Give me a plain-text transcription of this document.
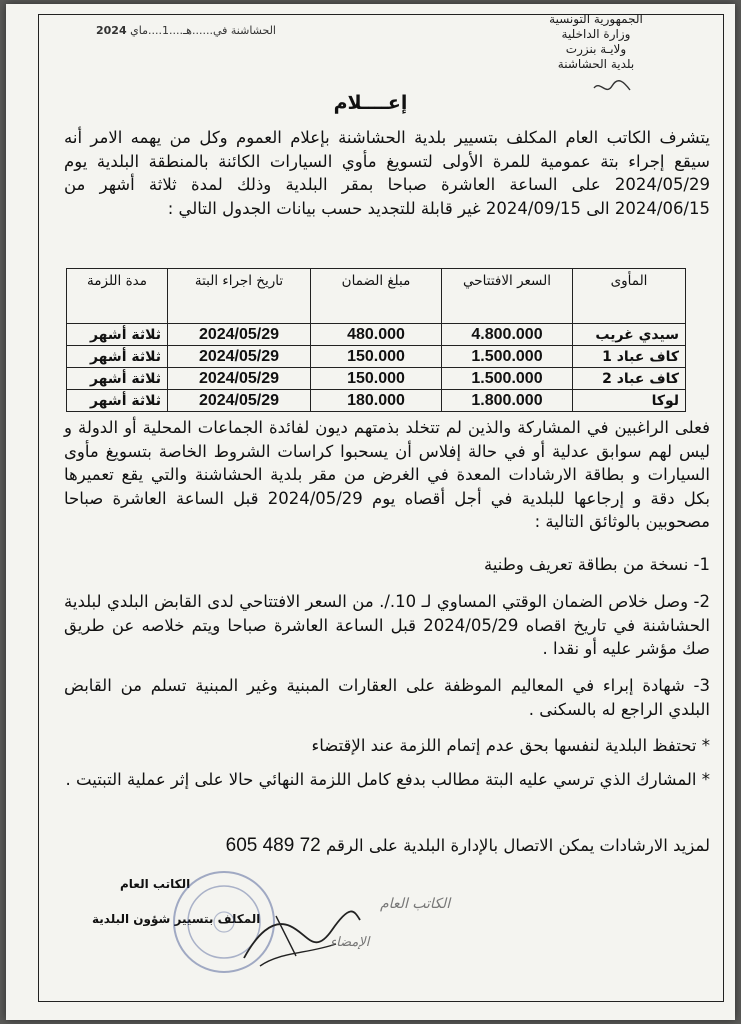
الجمهورية التونسية
وزارة الداخلية
ولايـة بنزرت
بلدية الحشاشنة
الحشاشنة في......هـ....1....ماي 2024
إعــــلام
يتشرف الكاتب العام المكلف بتسيير بلدية الحشاشنة بإعلام العموم وكل من يهمه الامر أنه سيقع إجراء بتة عمومية للمرة الأولى لتسويغ مأوي السيارات الكائنة بالمنطقة البلدية يوم 2024/05/29 على الساعة العاشرة صباحا بمقر البلدية وذلك لمدة ثلاثة أشهر من 2024/06/15 الى 2024/09/15 غير قابلة للتجديد حسب بيانات الجدول التالي :
المأوى	السعر الافتتاحي	مبلغ الضمان	تاريخ اجراء البتة	مدة اللزمة
سيدي غريب	4.800.000	480.000	2024/05/29	ثلاثة أشهر
كاف عباد 1	1.500.000	150.000	2024/05/29	ثلاثة أشهر
كاف عباد 2	1.500.000	150.000	2024/05/29	ثلاثة أشهر
لوكا	1.800.000	180.000	2024/05/29	ثلاثة أشهر
فعلى الراغبين في المشاركة والذين لم تتخلد بذمتهم ديون لفائدة الجماعات المحلية أو الدولة و ليس لهم سوابق عدلية أو في حالة إفلاس أن يسحبوا كراسات الشروط الخاصة بتسويغ مأوى السيارات و بطاقة الارشادات المعدة في الغرض من مقر بلدية الحشاشنة والتي يقع تعميرها بكل دقة و إرجاعها للبلدية في أجل أقصاه يوم 2024/05/29 قبل الساعة العاشرة صباحا مصحوبين بالوثائق التالية :
1- نسخة من بطاقة تعريف وطنية
2- وصل خلاص الضمان الوقتي المساوي لـ 10./. من السعر الافتتاحي لدى القابض البلدي لبلدية الحشاشنة في تاريخ اقصاه 2024/05/29 قبل الساعة العاشرة صباحا ويتم خلاصه عن طريق صك مؤشر عليه أو نقدا .
3- شهادة إبراء في المعاليم الموظفة على العقارات المبنية وغير المبنية تسلم من القابض البلدي الراجع له بالسكنى .
* تحتفظ البلدية لنفسها بحق عدم إتمام اللزمة عند الإقتضاء
* المشارك الذي ترسي عليه البتة مطالب بدفع كامل اللزمة النهائي حالا على إثر عملية التبتيت .
لمزيد الارشادات يمكن الاتصال بالإدارة البلدية على الرقم 72 489 605
الكاتب العام
المكلف بتسيير شؤون البلدية
الكاتب العام
الإمضاء
